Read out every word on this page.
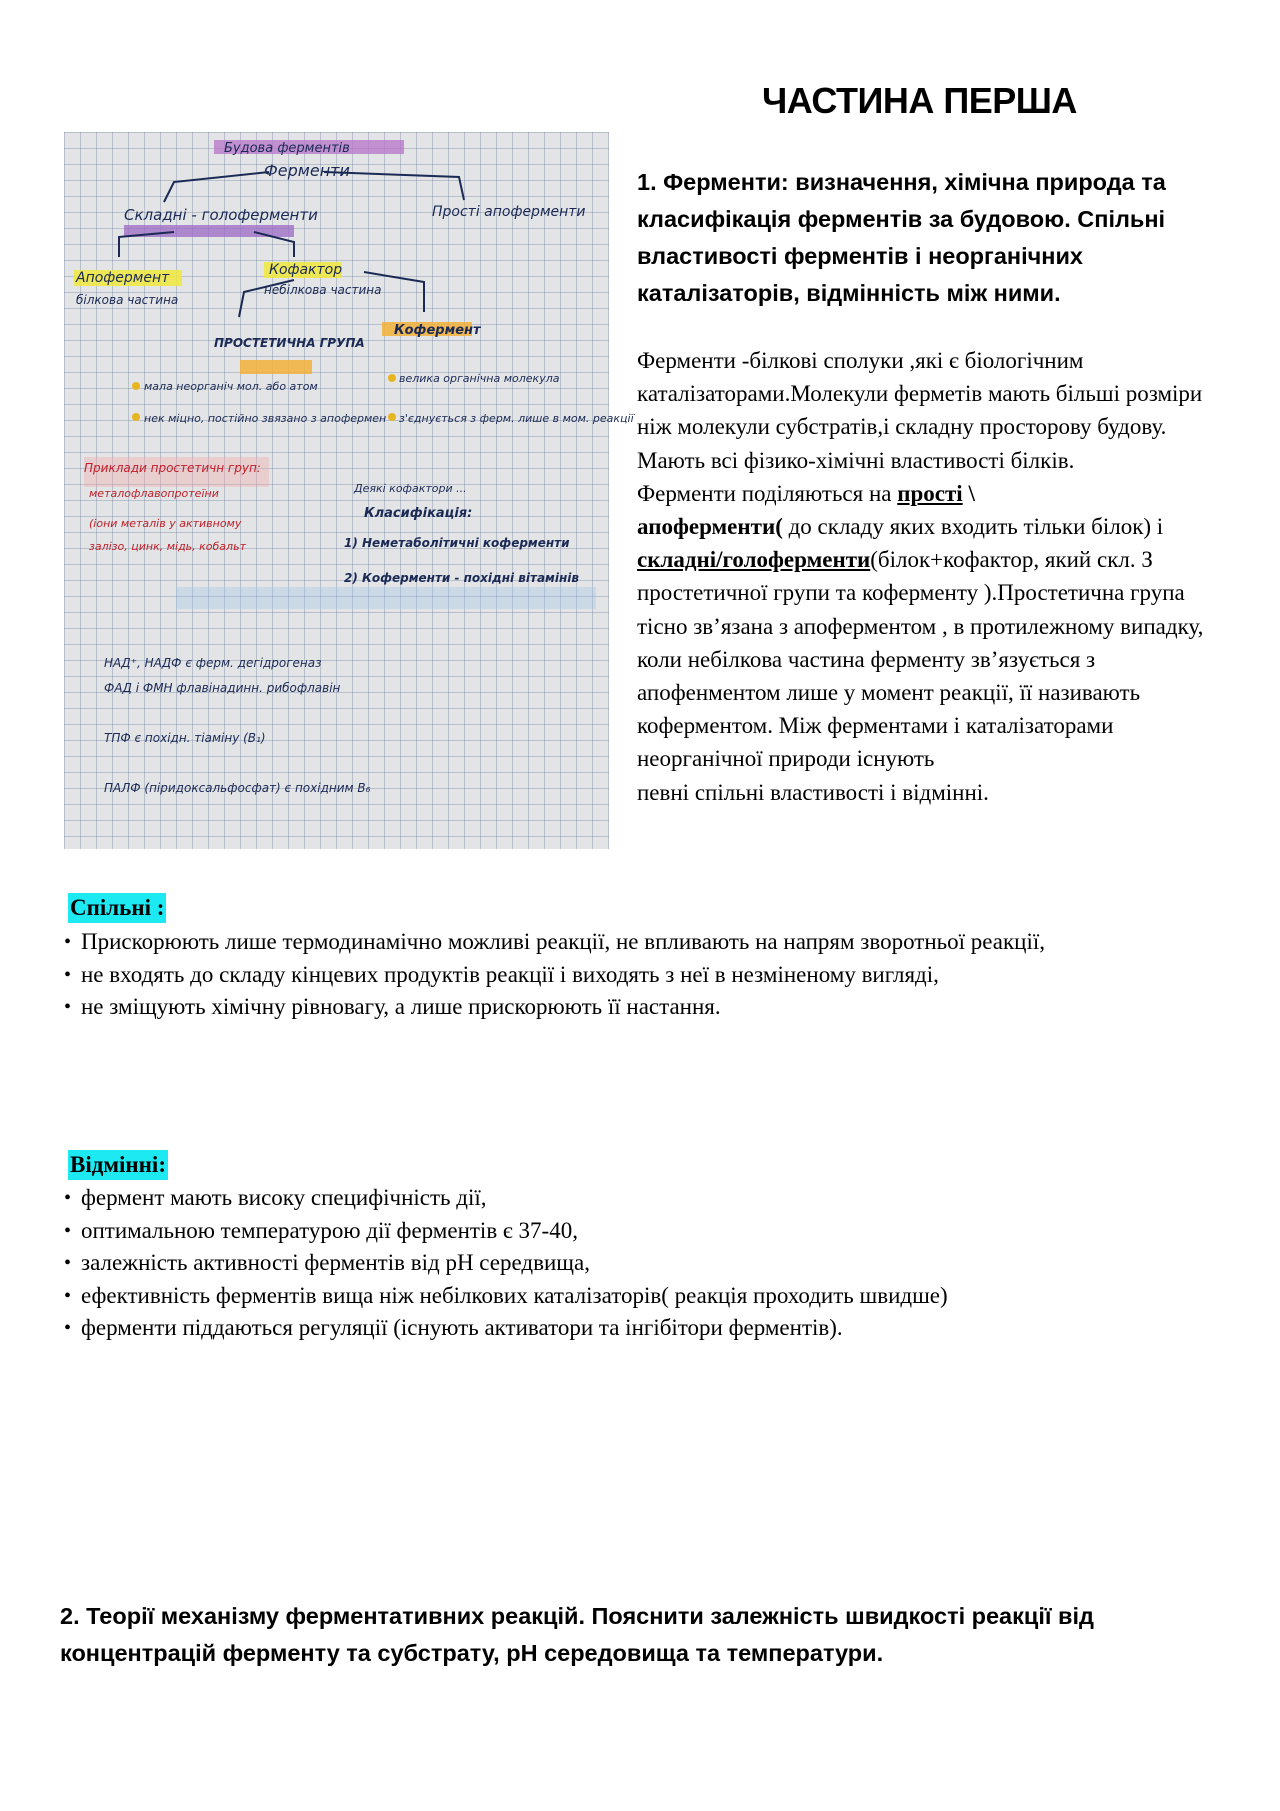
ЧАСТИНА ПЕРША
Будова ферментів
Ферменти
Складні - голоферменти	Прості апоферменти
Апофермент
білкова частина
Кофактор
небілкова частина
ПРОСТЕТИЧНА ГРУПА
Кофермент
мала неорганіч мол. або атом
нек міцно, постійно звязано з апофермен
велика органічна молекула
з'єднується з ферм. лише в мом. реакції
Деякі кофактори ...
Класифікація:
1) Неметаболітичні коферменти
2) Коферменти - похідні вітамінів
НАД⁺, НАДФ є ферм. дегідрогеназ
ФАД і ФМН флавінадинн. рибофлавін
ТПФ є похідн. тіаміну (В₁)
ПАЛФ (піридоксальфосфат) є похідним В₆
Приклади простетичн груп:
металофлавопротеїни
(іони металів у активному
залізо, цинк, мідь, кобальт
1. Ферменти: визначення, хімічна природа та класифікація ферментів за будовою. Спільні властивості ферментів і неорганічних каталізаторів, відмінність між ними.
Ферменти -білкові сполуки ,які є біологічним каталізаторами.Молекули ферметів мають більші розміри ніж молекули субстратів,і складну просторову будову.
Мають всі фізико-хімічні властивості білків.
Ферменти поділяються на прості \
апоферменти( до складу яких входить тільки білок) і
складні/голоферменти(білок+кофактор, який скл. З простетичної групи та коферменту ).Простетична група тісно зв’язана з апоферментом , в протилежному випадку, коли небілкова частина ферменту зв’язується з апофенментом лише у момент реакції, її називають коферментом. Між ферментами і каталізаторами неорганічної природи існують
певні спільні властивості і відмінні.
Спільні :
• Прискорюють лише термодинамічно можливі реакції, не впливають на напрям зворотньої реакції,
• не входять до складу кінцевих продуктів реакції і виходять з неї в незміненому вигляді,
• не зміщують хімічну рівновагу, а лише прискорюють її настання.
Відмінні:
• фермент мають високу специфічність дії,
• оптимальною температурою дії ферментів є 37-40,
• залежність активності ферментів від pH середвища,
• ефективність ферментів вища ніж небілкових каталізаторів( реакція проходить швидше)
• ферменти піддаються регуляції (існують активатори та інгібітори ферментів).
2. Теорії механізму ферментативних реакцій. Пояснити залежність швидкості реакції від концентрацій ферменту та субстрату, pH середовища та температури.
